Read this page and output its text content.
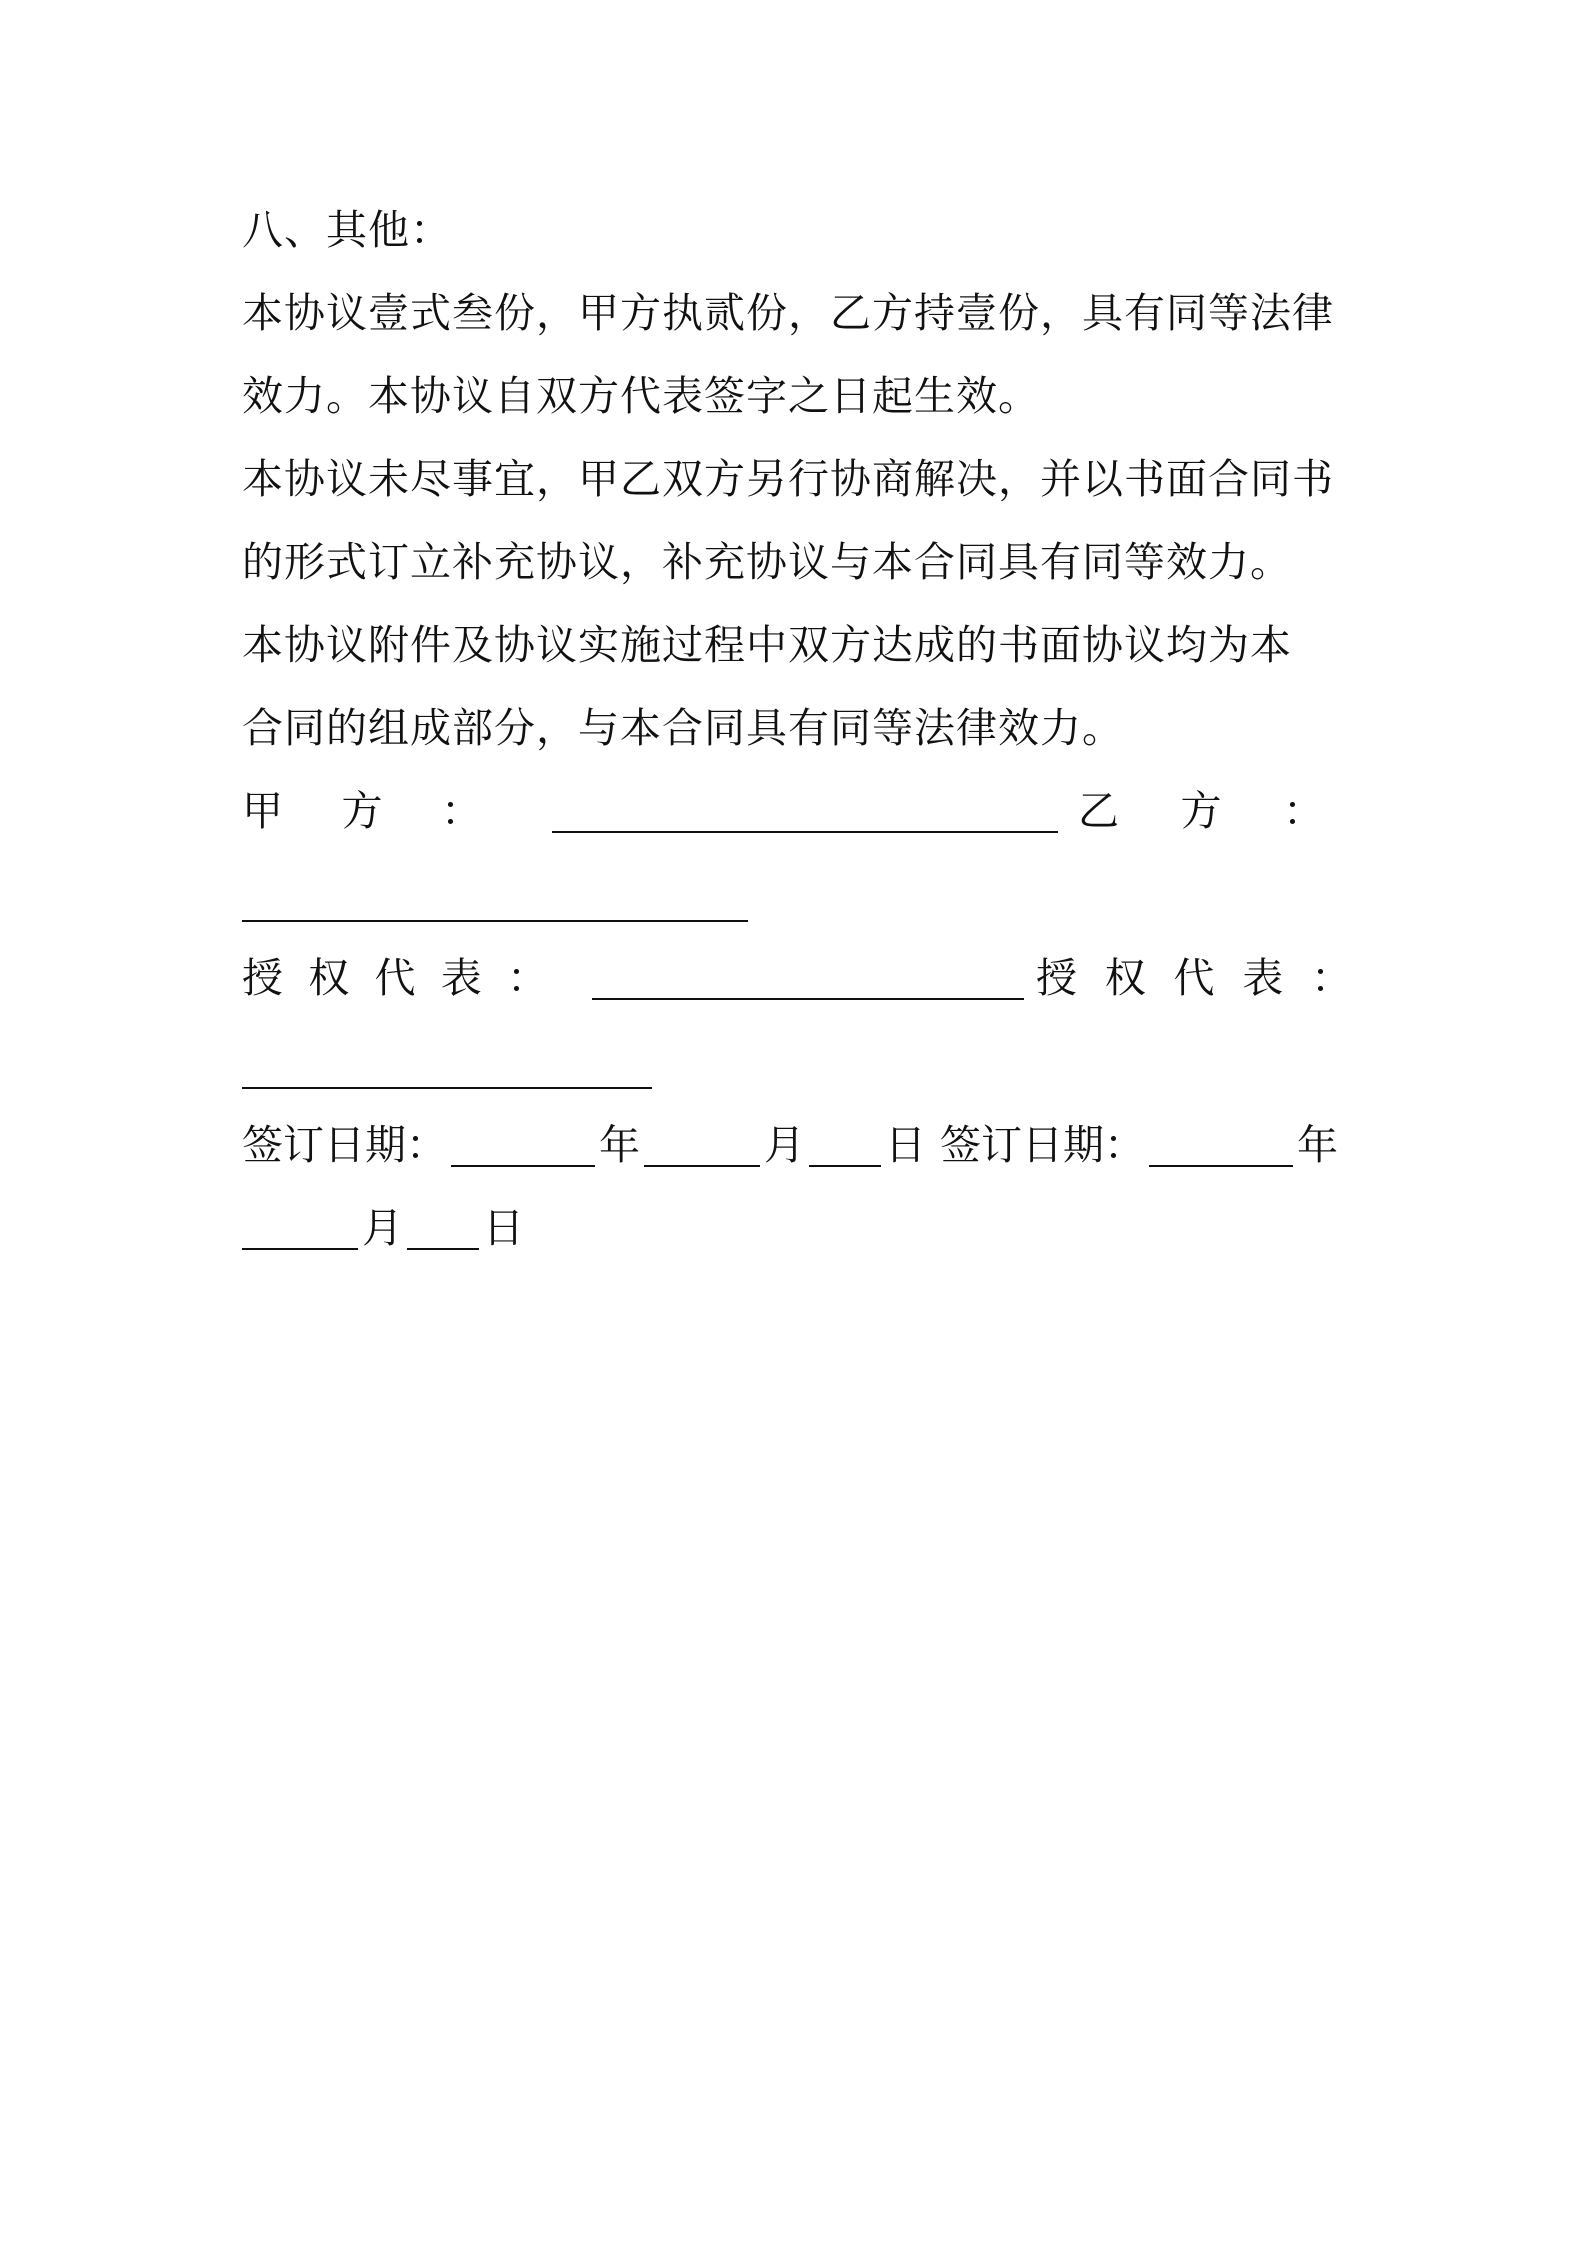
八、其他：
本协议壹式叁份，甲方执贰份，乙方持壹份，具有同等法律
效力。本协议自双方代表签字之日起生效。
本协议未尽事宜，甲乙双方另行协商解决，并以书面合同书
的形式订立补充协议，补充协议与本合同具有同等效力。
本协议附件及协议实施过程中双方达成的书面协议均为本
合同的组成部分，与本合同具有同等法律效力。
甲 方 ：	乙 方 ：
授 权 代 表 ：	授 权 代 表 ：
签订日期：	年	月 日 签订日期：	年
月 日
